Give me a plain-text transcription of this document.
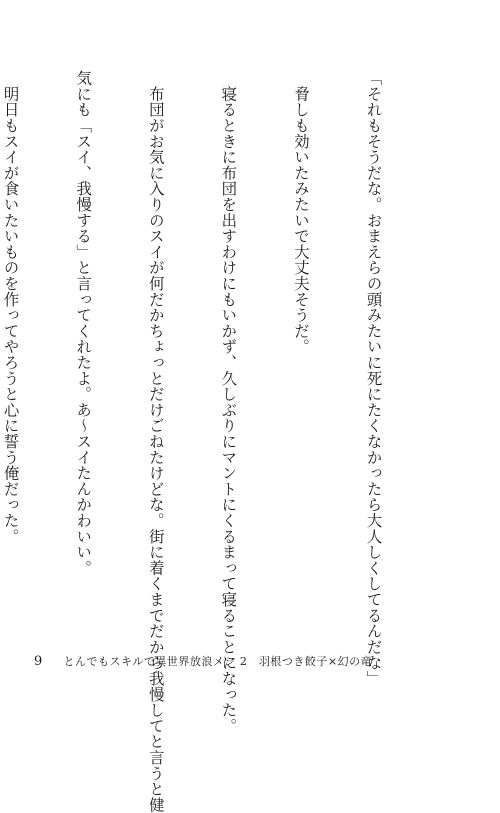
「それもそうだな。おまえらの頭みたいに死にたくなかったら大人しくしてるんだな」

　脅しも効いたみたいで大丈夫そうだ。

　寝るときに布団を出すわけにもいかず、久しぶりにマントにくるまって寝ることになった。

　布団がお気に入りのスイが何だかちょっとだけごねたけどな。街に着くまでだから我慢してと言うと健

気にも「スイ、我慢する」と言ってくれたよ。あ〜スイたんかわいい。

　明日もスイが食いたいものを作ってやろうと心に誓う俺だった。

9 とんでもスキルで異世界放浪メシ 2　羽根つき餃子×幻の竜
